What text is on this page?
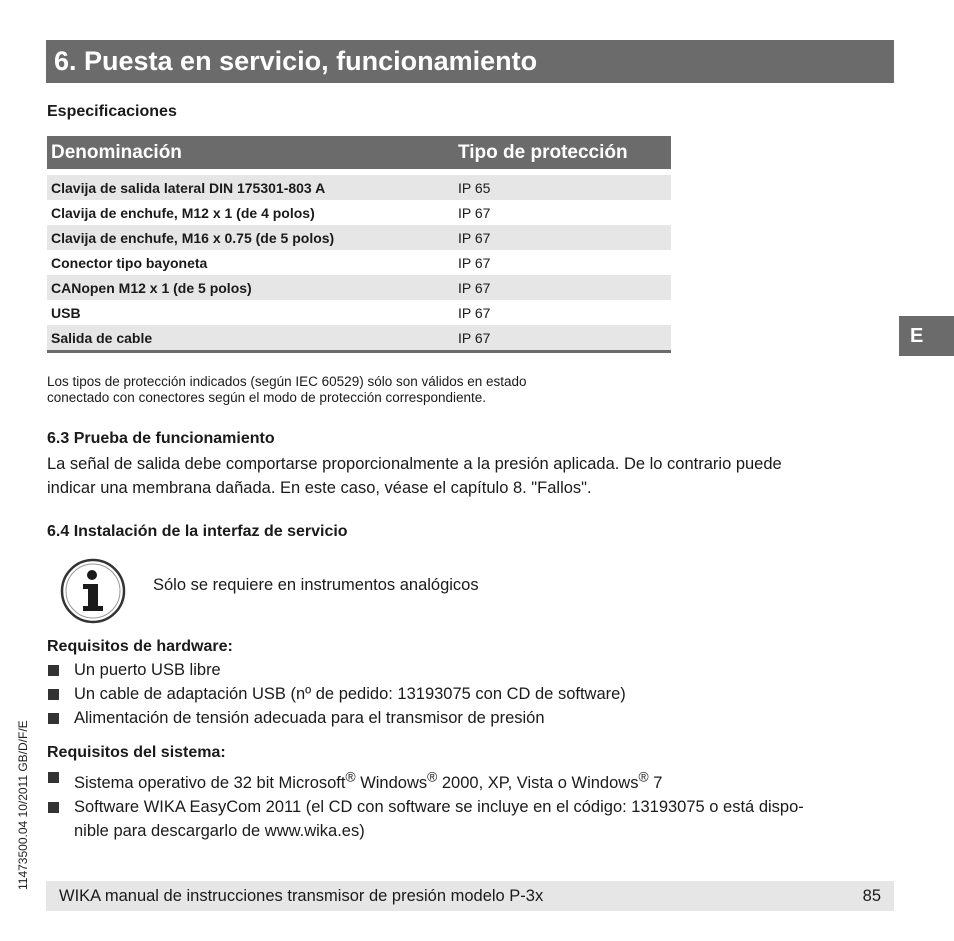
6. Puesta en servicio, funcionamiento
E
11473500.04 10/2011 GB/D/F/E
Especificaciones
Denominación	Tipo de protección

Clavija de salida lateral DIN 175301-803 A	IP 65
Clavija de enchufe, M12 x 1 (de 4 polos)	IP 67
Clavija de enchufe, M16 x 0.75 (de 5 polos)	IP 67
Conector tipo bayoneta	IP 67
CANopen M12 x 1 (de 5 polos)	IP 67
USB	IP 67
Salida de cable	IP 67
Los tipos de protección indicados (según IEC 60529) sólo son válidos en estado
conectado con conectores según el modo de protección correspondiente.
6.3 Prueba de funcionamiento
La señal de salida debe comportarse proporcionalmente a la presión aplicada. De lo contrario puede
indicar una membrana dañada. En este caso, véase el capítulo 8. "Fallos".
6.4 Instalación de la interfaz de servicio
Sólo se requiere en instrumentos analógicos
Requisitos de hardware:
Un puerto USB libre
Un cable de adaptación USB (nº de pedido: 13193075 con CD de software)
Alimentación de tensión adecuada para el transmisor de presión
Requisitos del sistema:
Sistema operativo de 32 bit Microsoft® Windows® 2000, XP, Vista o Windows® 7
Software WIKA EasyCom 2011 (el CD con software se incluye en el código: 13193075 o está dispo-
nible para descargarlo de www.wika.es)
WIKA manual de instrucciones transmisor de presión modelo P-3x	85
